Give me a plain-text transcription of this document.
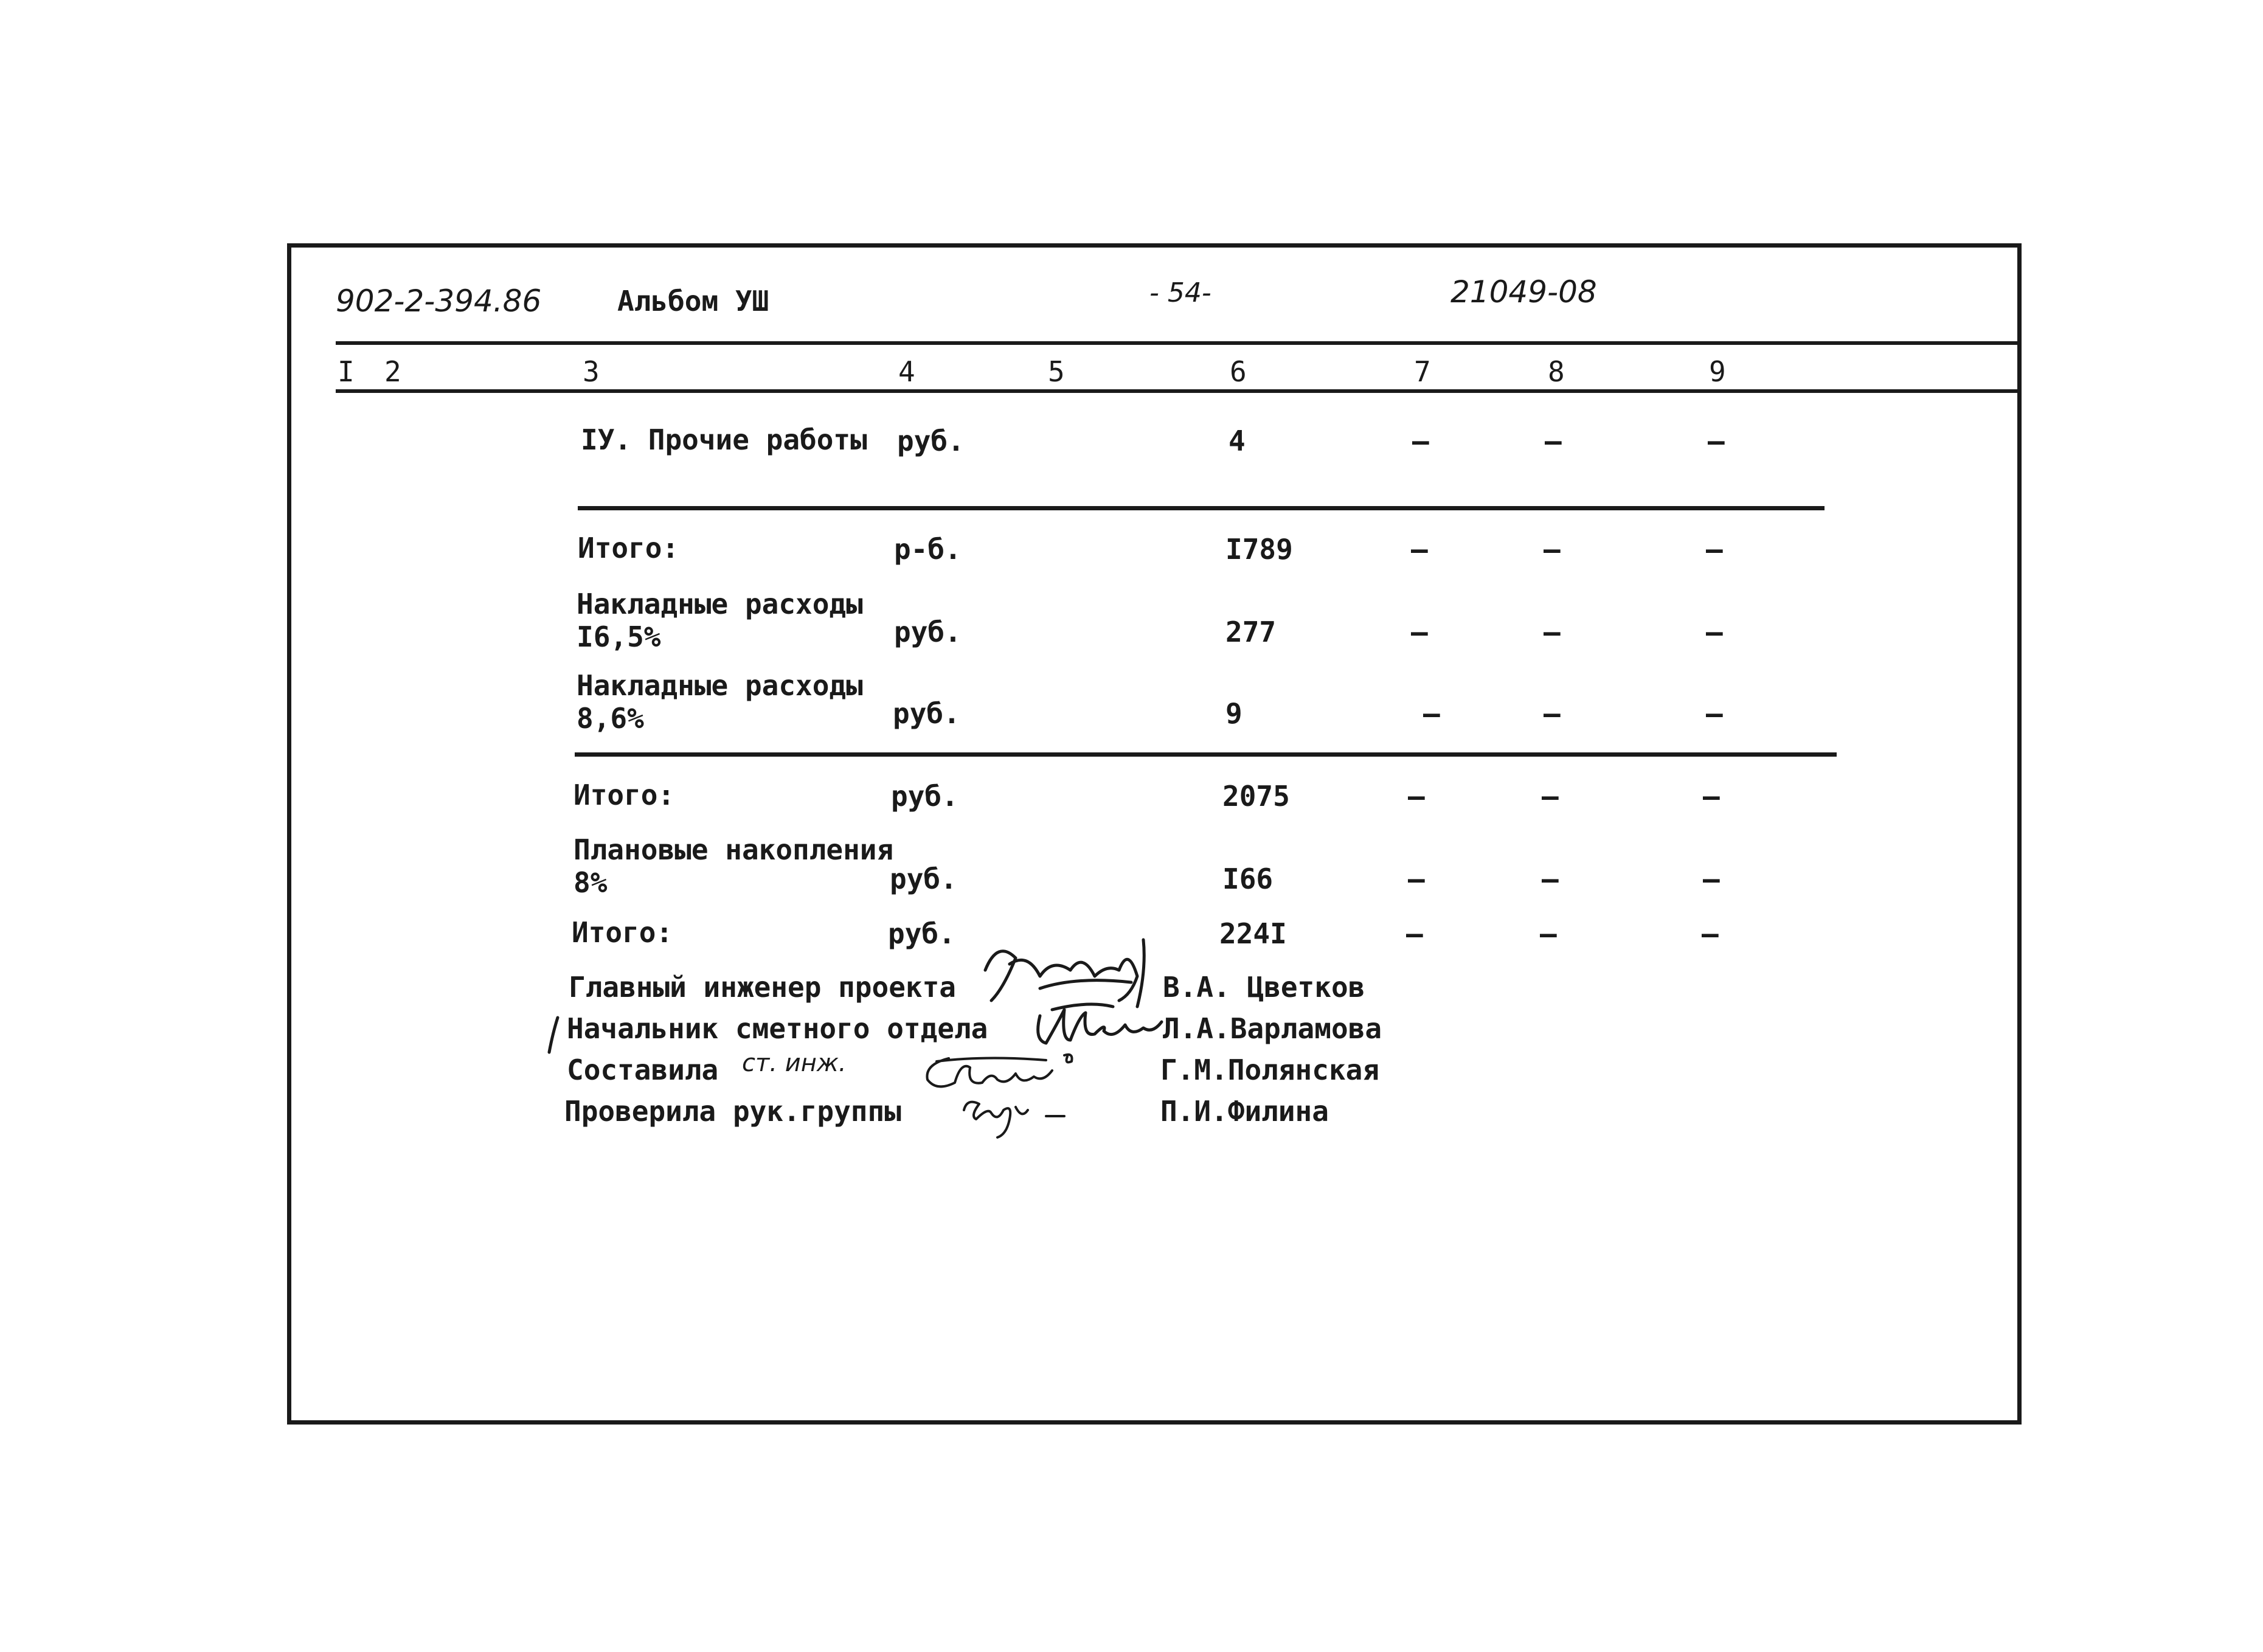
902-2-394.86	Альбом УШ	- 54-	21049-08
I 2	3	4	5	6	7	8	9
IУ. Прочие работы руб.	4	–	–	–
Итого:	р-б.	I789	–	–	–
Накладные расходы
I6,5%	руб.	277	–	–	–
Накладные расходы
8,6%	руб.	9	–	–	–
Итого:	руб.	2075	–	–	–
Плановые накопления
8%	руб.	I66	–	–	–
Итого:	руб.	224I	–	–	–
Главный инженер проекта	В.А. Цветков
Начальник сметного отдела	Л.А.Варламова
Составила ст. инж.	Г.М.Полянская
Проверила рук.группы	П.И.Филина
